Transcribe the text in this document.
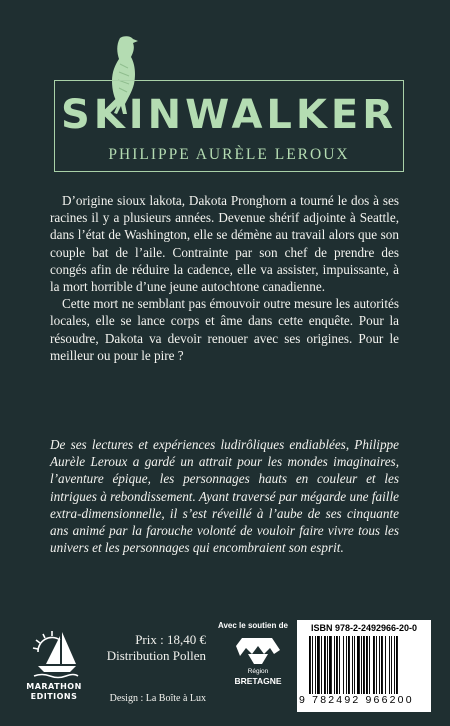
SKINWALKER
PHILIPPE AURÈLE LEROUX

D’origine sioux lakota, Dakota Pronghorn a tourné le dos à ses racines il y a plusieurs années. Devenue shérif adjointe à Seattle, dans l’état de Washington, elle se démène au travail alors que son couple bat de l’aile. Contrainte par son chef de prendre des congés afin de réduire la cadence, elle va assister, impuissante, à la mort horrible d’une jeune autochtone canadienne.

Cette mort ne semblant pas émouvoir outre mesure les autorités locales, elle se lance corps et âme dans cette enquête. Pour la résoudre, Dakota va devoir renouer avec ses origines. Pour le meilleur ou pour le pire ?

De ses lectures et expériences ludirôliques endiablées, Philippe Aurèle Leroux a gardé un attrait pour les mondes imaginaires, l’aventure épique, les personnages hauts en couleur et les intrigues à rebondissement. Ayant traversé par mégarde une faille extra-dimensionnelle, il s’est réveillé à l’aube de ses cinquante ans animé par la farouche volonté de vouloir faire vivre tous les univers et les personnages qui encombraient son esprit.

MARATHON
EDITIONS
Prix : 18,40 €
Distribution Pollen
Design : La Boîte à Lux
Avec le soutien de
Région
BRETAGNE
ISBN 978-2-2492966-20-0
9 782492 966200
